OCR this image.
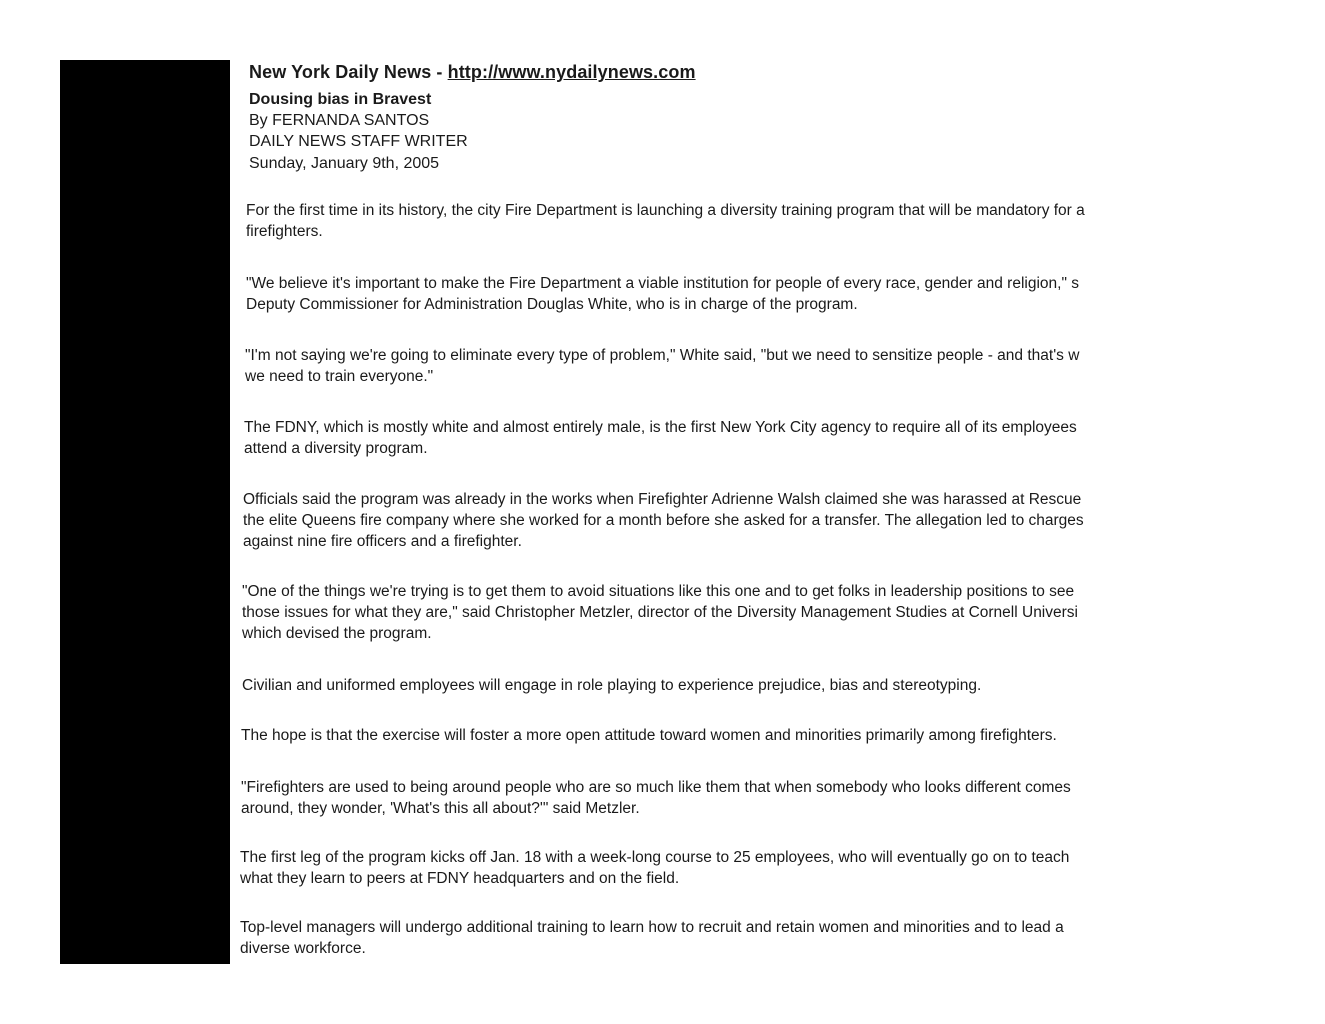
New York Daily News - http://www.nydailynews.com
Dousing bias in Bravest
By FERNANDA SANTOS
DAILY NEWS STAFF WRITER
Sunday, January 9th, 2005
For the first time in its history, the city Fire Department is launching a diversity training program that will be mandatory for a
firefighters.
"We believe it's important to make the Fire Department a viable institution for people of every race, gender and religion," s
Deputy Commissioner for Administration Douglas White, who is in charge of the program.
"I'm not saying we're going to eliminate every type of problem," White said, "but we need to sensitize people - and that's w
we need to train everyone."
The FDNY, which is mostly white and almost entirely male, is the first New York City agency to require all of its employees
attend a diversity program.
Officials said the program was already in the works when Firefighter Adrienne Walsh claimed she was harassed at Rescue
the elite Queens fire company where she worked for a month before she asked for a transfer. The allegation led to charges
against nine fire officers and a firefighter.
"One of the things we're trying is to get them to avoid situations like this one and to get folks in leadership positions to see
those issues for what they are," said Christopher Metzler, director of the Diversity Management Studies at Cornell Universi
which devised the program.
Civilian and uniformed employees will engage in role playing to experience prejudice, bias and stereotyping.
The hope is that the exercise will foster a more open attitude toward women and minorities primarily among firefighters.
"Firefighters are used to being around people who are so much like them that when somebody who looks different comes
around, they wonder, 'What's this all about?'" said Metzler.
The first leg of the program kicks off Jan. 18 with a week-long course to 25 employees, who will eventually go on to teach
what they learn to peers at FDNY headquarters and on the field.
Top-level managers will undergo additional training to learn how to recruit and retain women and minorities and to lead a
diverse workforce.
